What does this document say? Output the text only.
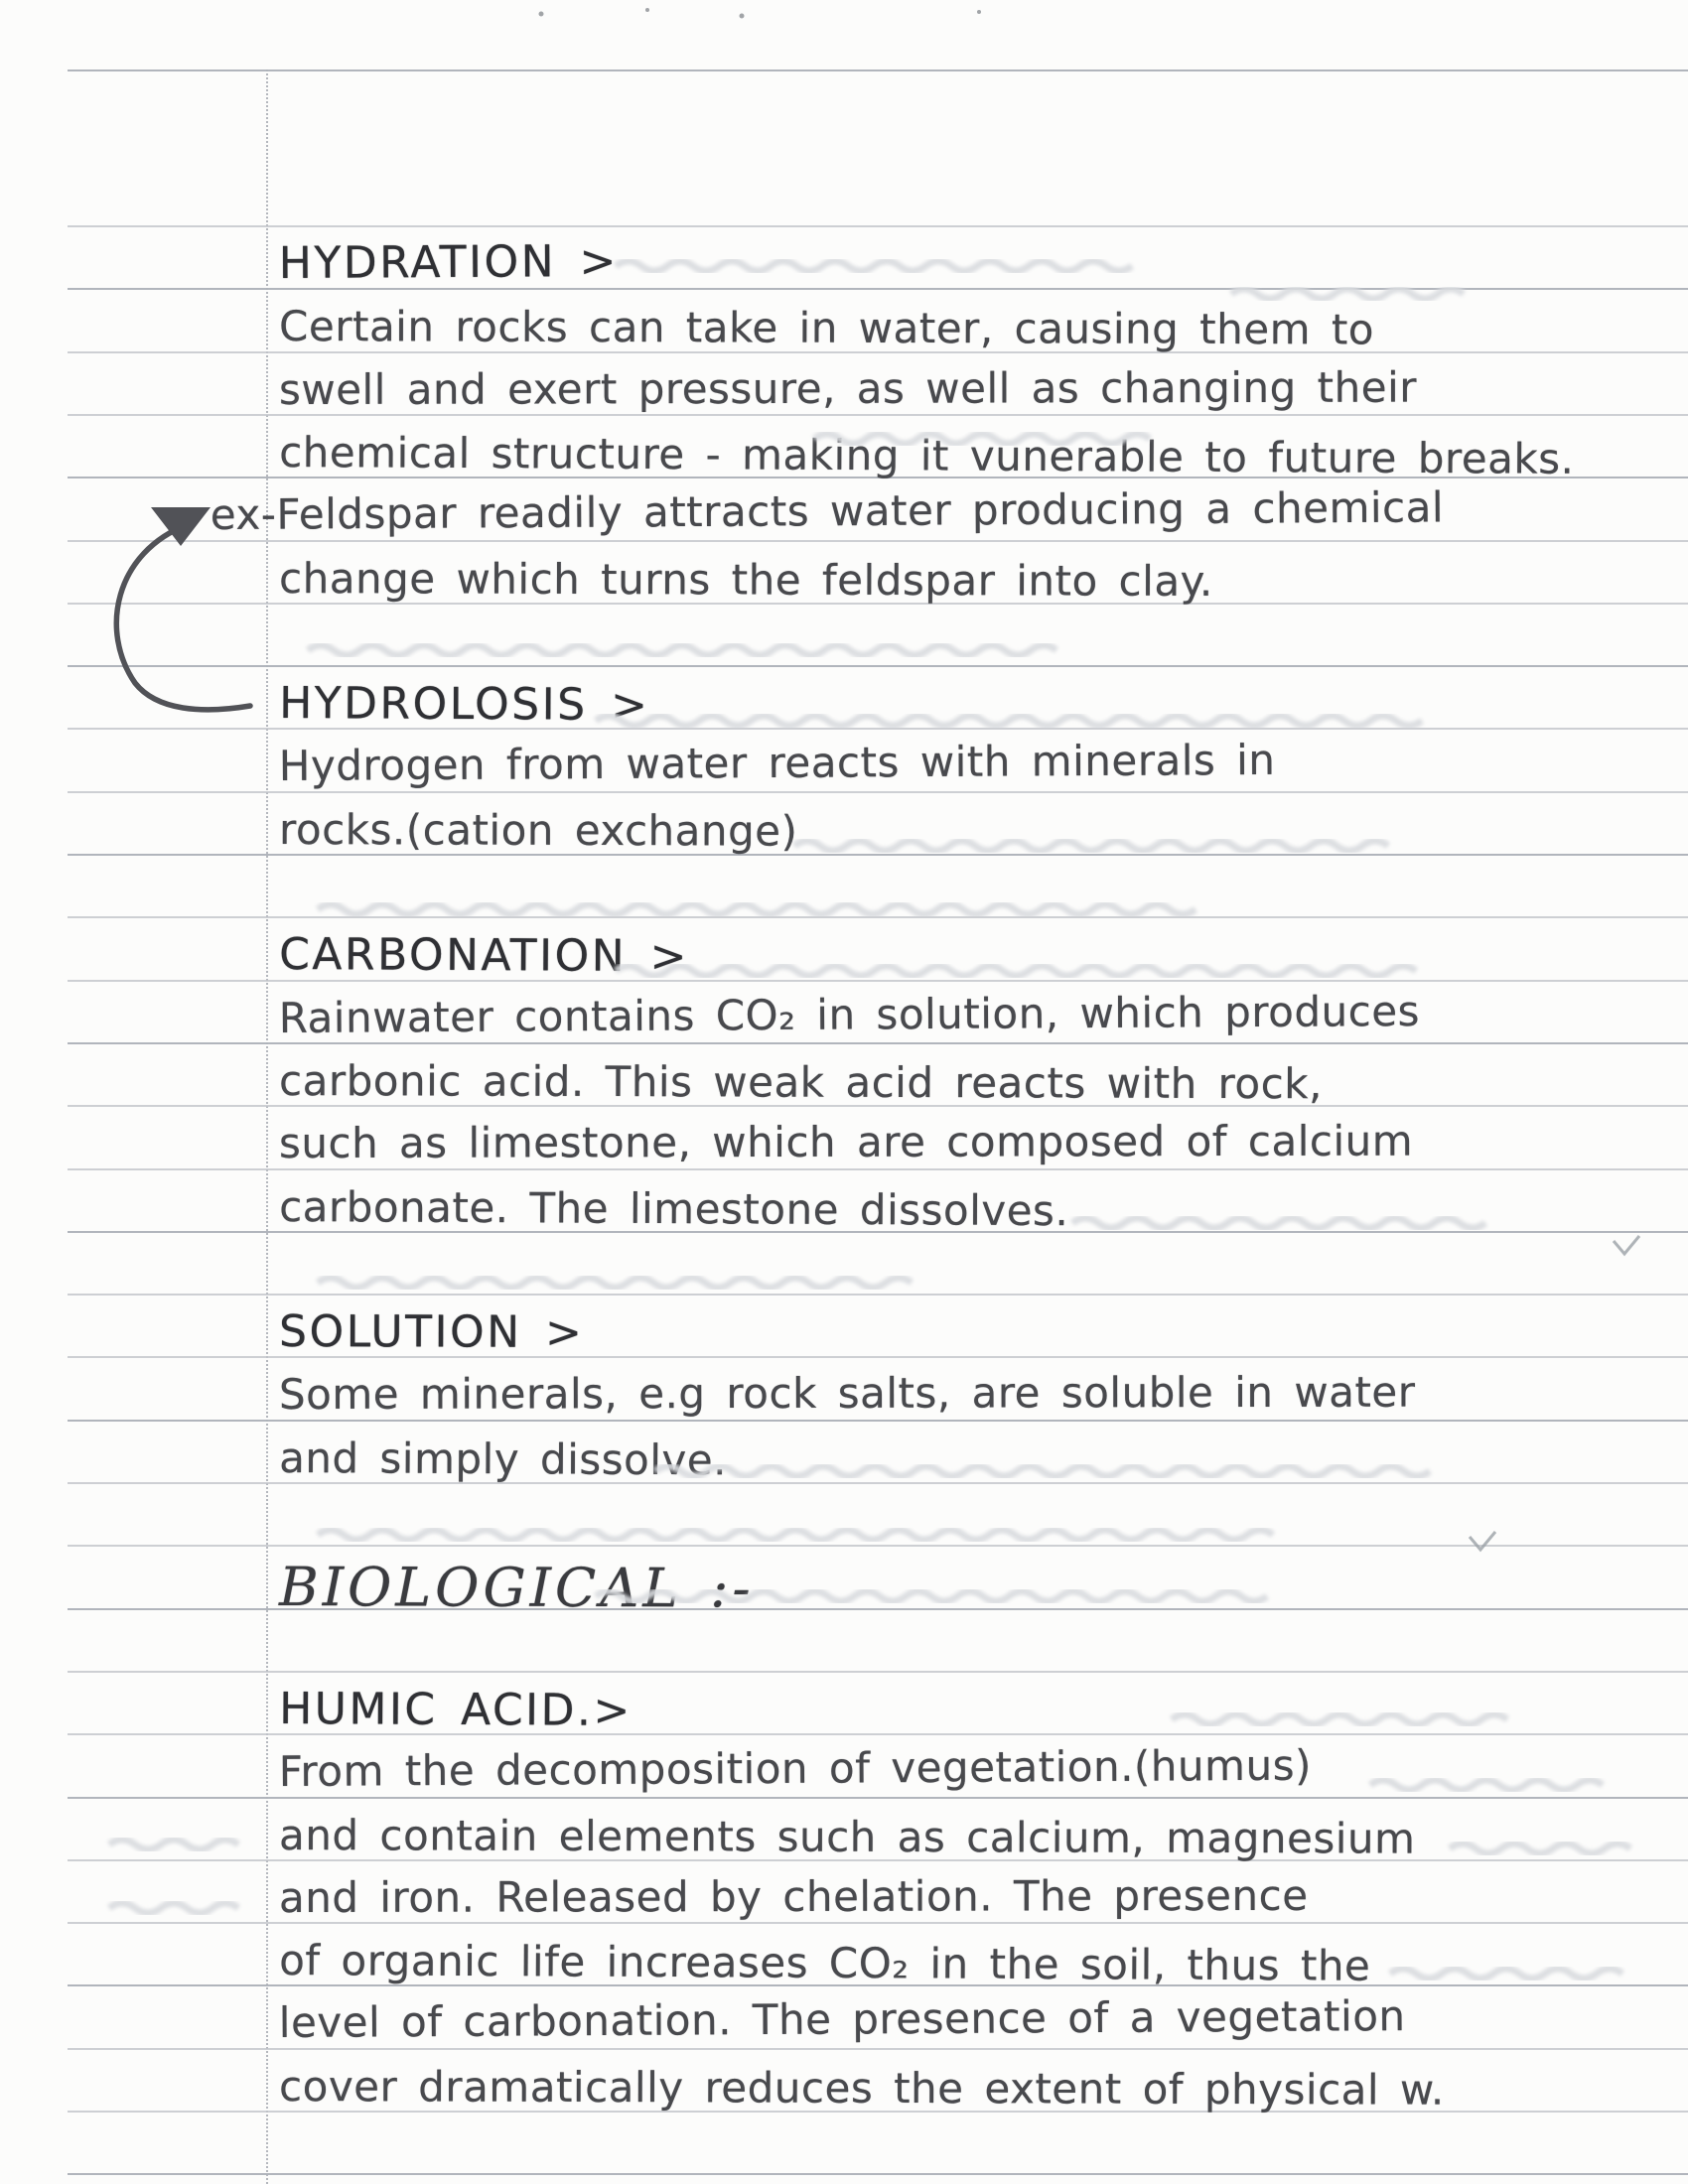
HYDRATION >
Certain rocks can take in water, causing them to
swell and exert pressure, as well as changing their
chemical structure - making it vunerable to future breaks.
ex-Feldspar readily attracts water producing a chemical
change which turns the feldspar into clay.
HYDROLOSIS >
Hydrogen from water reacts with minerals in
rocks.(cation exchange)
CARBONATION >
Rainwater contains CO₂ in solution, which produces
carbonic acid. This weak acid reacts with rock,
such as limestone, which are composed of calcium
carbonate. The limestone dissolves.
SOLUTION >
Some minerals, e.g rock salts, are soluble in water
and simply dissolve.
BIOLOGICAL :-
HUMIC ACID.>
From the decomposition of vegetation.(humus)
and contain elements such as calcium, magnesium
and iron. Released by chelation. The presence
of organic life increases CO₂ in the soil, thus the
level of carbonation. The presence of a vegetation
cover dramatically reduces the extent of physical w.
